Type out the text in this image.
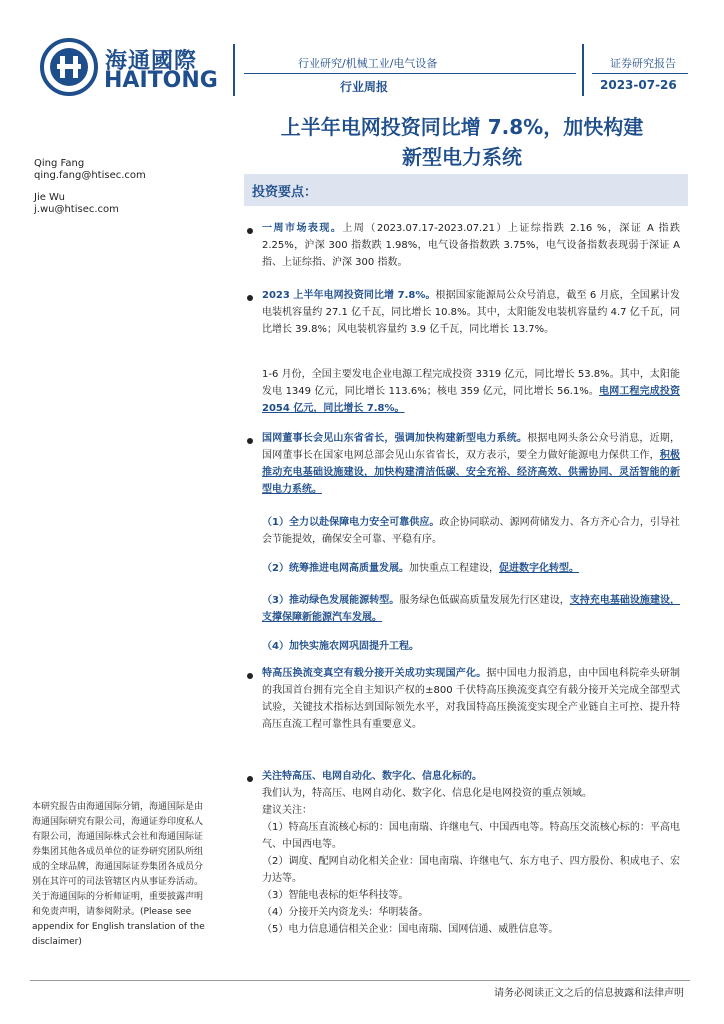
海通國際
HAITONG
行业研究/机械工业/电气设备	证券研究报告
行业周报	2023-07-26
上半年电网投资同比增 7.8%，加快构建
新型电力系统
Qing Fang
qing.fang@htisec.com
Jie Wu
j.wu@htisec.com
投资要点：
一周市场表现。上周（2023.07.17-2023.07.21）上证综指跌 2.16 %，深证 A 指跌 2.25%，沪深 300 指数跌 1.98%，电气设备指数跌 3.75%，电气设备指数表现弱于深证 A 指、上证综指、沪深 300 指数。
2023 上半年电网投资同比增 7.8%。根据国家能源局公众号消息，截至 6 月底，全国累计发电装机容量约 27.1 亿千瓦，同比增长 10.8%。其中，太阳能发电装机容量约 4.7 亿千瓦，同比增长 39.8%；风电装机容量约 3.9 亿千瓦，同比增长 13.7%。
1-6 月份，全国主要发电企业电源工程完成投资 3319 亿元，同比增长 53.8%。其中，太阳能发电 1349 亿元，同比增长 113.6%；核电 359 亿元，同比增长 56.1%。电网工程完成投资 2054 亿元，同比增长 7.8%。
国网董事长会见山东省省长，强调加快构建新型电力系统。根据电网头条公众号消息，近期，国网董事长在国家电网总部会见山东省省长，双方表示，要全力做好能源电力保供工作，积极推动充电基础设施建设，加快构建清洁低碳、安全充裕、经济高效、供需协同、灵活智能的新型电力系统。
（1）全力以赴保障电力安全可靠供应。政企协同联动、源网荷储发力、各方齐心合力，引导社会节能提效，确保安全可靠、平稳有序。
（2）统筹推进电网高质量发展。加快重点工程建设，促进数字化转型。
（3）推动绿色发展能源转型。服务绿色低碳高质量发展先行区建设，支持充电基础设施建设，支撑保障新能源汽车发展。
（4）加快实施农网巩固提升工程。
特高压换流变真空有载分接开关成功实现国产化。据中国电力报消息，由中国电科院牵头研制的我国首台拥有完全自主知识产权的±800 千伏特高压换流变真空有载分接开关完成全部型式试验，关键技术指标达到国际领先水平，对我国特高压换流变实现全产业链自主可控、提升特高压直流工程可靠性具有重要意义。
关注特高压、电网自动化、数字化、信息化标的。
我们认为，特高压、电网自动化、数字化、信息化是电网投资的重点领域。
建议关注：
（1）特高压直流核心标的：国电南瑞、许继电气、中国西电等。特高压交流核心标的：平高电气、中国西电等。
（2）调度、配网自动化相关企业：国电南瑞、许继电气、东方电子、四方股份、积成电子、宏力达等。
（3）智能电表标的炬华科技等。
（4）分接开关内资龙头：华明装备。
（5）电力信息通信相关企业：国电南瑞、国网信通、威胜信息等。
本研究报告由海通国际分销，海通国际是由海通国际研究有限公司，海通证券印度私人有限公司，海通国际株式会社和海通国际证券集团其他各成员单位的证券研究团队所组成的全球品牌，海通国际证券集团各成员分别在其许可的司法管辖区内从事证券活动。关于海通国际的分析师证明，重要披露声明和免责声明，请参阅附录。(Please see appendix for English translation of the disclaimer)
请务必阅读正文之后的信息披露和法律声明
